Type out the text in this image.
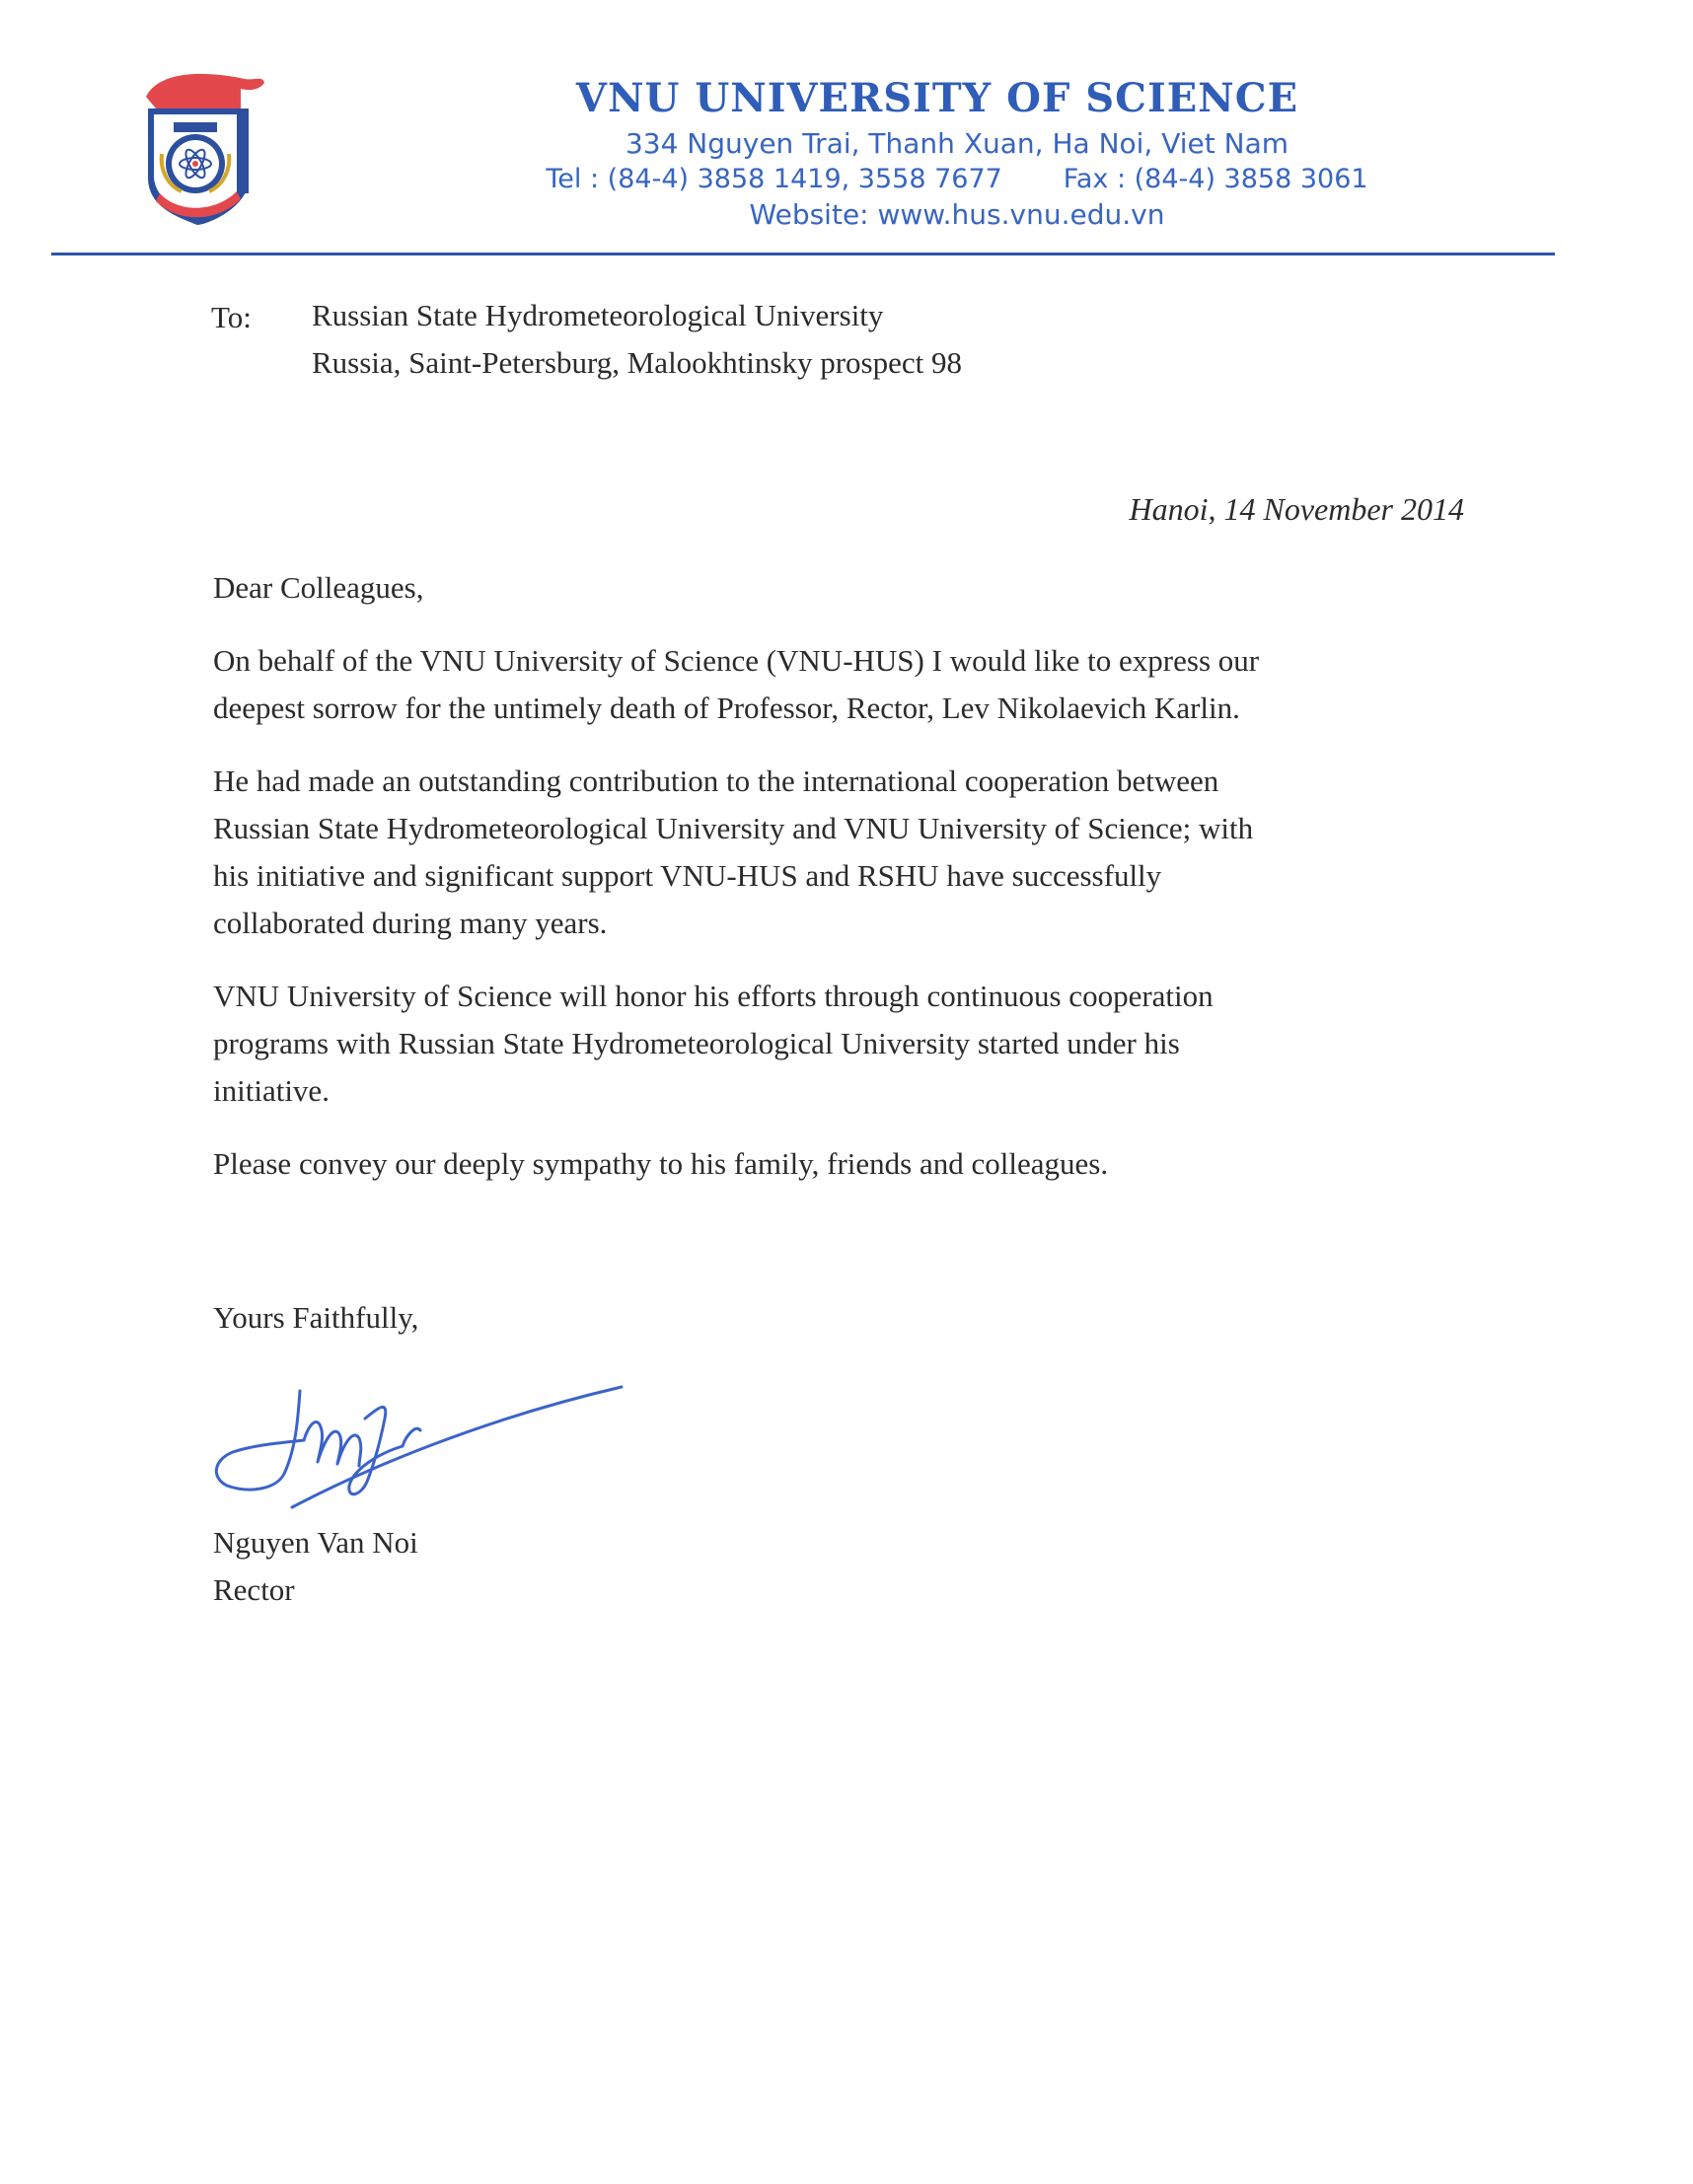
VNU UNIVERSITY OF SCIENCE
334 Nguyen Trai, Thanh Xuan, Ha Noi, Viet Nam
Tel : (84-4) 3858 1419, 3558 7677 Fax : (84-4) 3858 3061
Website: www.hus.vnu.edu.vn
To: Russian State Hydrometeorological University
Russia, Saint-Petersburg, Malookhtinsky prospect 98
Hanoi, 14 November 2014

Dear Colleagues,

On behalf of the VNU University of Science (VNU-HUS) I would like to express our
deepest sorrow for the untimely death of Professor, Rector, Lev Nikolaevich Karlin.

He had made an outstanding contribution to the international cooperation between
Russian State Hydrometeorological University and VNU University of Science; with
his initiative and significant support VNU-HUS and RSHU have successfully
collaborated during many years.

VNU University of Science will honor his efforts through continuous cooperation
programs with Russian State Hydrometeorological University started under his
initiative.

Please convey our deeply sympathy to his family, friends and colleagues.

Yours Faithfully,
Nguyen Van Noi
Rector
